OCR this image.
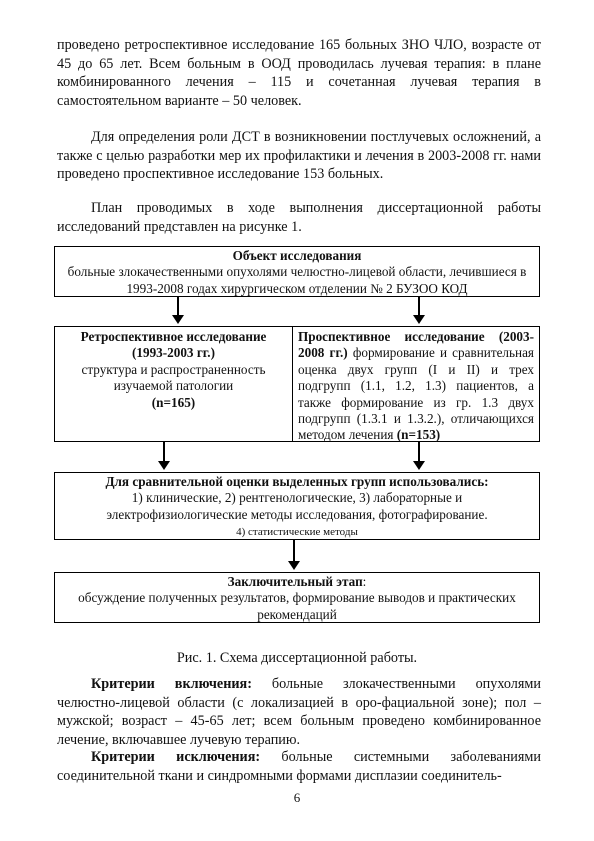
проведено ретроспективное исследование 165 больных ЗНО ЧЛО, возрасте от 45 до 65 лет. Всем больным в ООД проводилась лучевая терапия: в плане комбинированного лечения – 115 и сочетанная лучевая терапия в самостоятельном варианте – 50 человек.

Для определения роли ДСТ в возникновении постлучевых осложнений, а также с целью разработки мер их профилактики и лечения в 2003-2008 гг. нами проведено проспективное исследование 153 больных.

План проводимых в ходе выполнения диссертационной работы исследований представлен на рисунке 1.

Объект исследования
больные злокачественными опухолями челюстно-лицевой области, лечившиеся в 1993-2008 годах хирургическом отделении № 2 БУЗОО КОД
Ретроспективное исследование (1993-2003 гг.)
структура и распространенность изучаемой патологии
(n=165)
Проспективное исследование (2003-2008 гг.) формирование и сравнительная оценка двух групп (I и II) и трех подгрупп (1.1, 1.2, 1.3) пациентов, а также формирование из гр. 1.3 двух подгрупп (1.3.1 и 1.3.2.), отличающихся методом лечения (n=153)
Для сравнительной оценки выделенных групп использовались:
1) клинические, 2) рентгенологические, 3) лабораторные и электрофизиологические методы исследования, фотографирование.
4) статистические методы
Заключительный этап:
обсуждение полученных результатов, формирование выводов и практических рекомендаций
Рис. 1. Схема диссертационной работы.

Критерии включения: больные злокачественными опухолями челюстно-лицевой области (с локализацией в оро-фациальной зоне); пол – мужской; возраст – 45-65 лет; всем больным проведено комбинированное лечение, включавшее лучевую терапию.

Критерии исключения: больные системными заболеваниями соединительной ткани и синдромными формами дисплазии соединитель-

6
